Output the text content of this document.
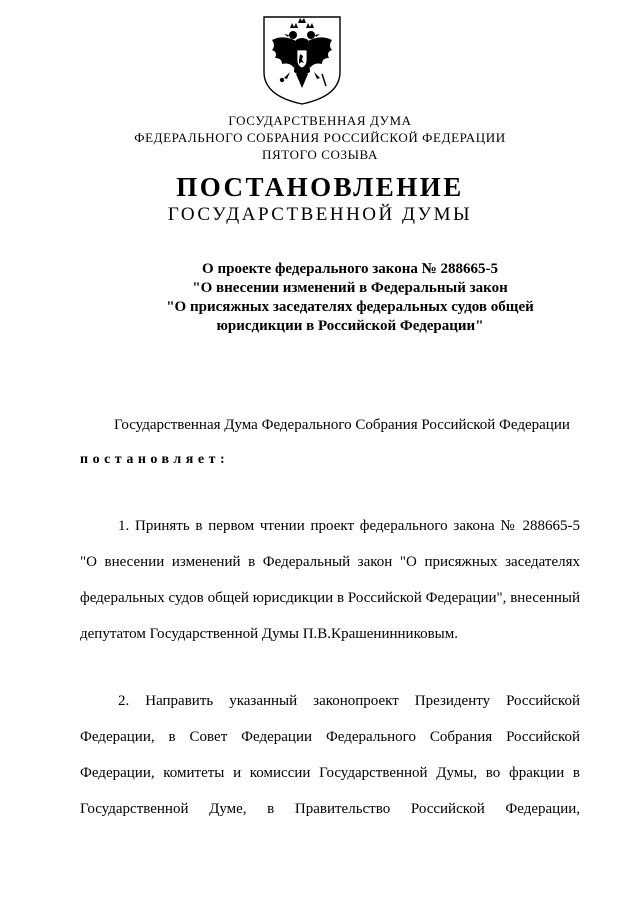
ГОСУДАРСТВЕННАЯ ДУМА
ФЕДЕРАЛЬНОГО СОБРАНИЯ РОССИЙСКОЙ ФЕДЕРАЦИИ
ПЯТОГО СОЗЫВА
ПОСТАНОВЛЕНИЕ
ГОСУДАРСТВЕННОЙ ДУМЫ
О проекте федерального закона № 288665-5
"О внесении изменений в Федеральный закон
"О присяжных заседателях федеральных судов общей
юрисдикции в Российской Федерации"
Государственная Дума Федерального Собрания Российской Федерации
постановляет:
1. Принять в первом чтении проект федерального закона № 288665-5 "О внесении изменений в Федеральный закон "О присяжных заседателях федеральных судов общей юрисдикции в Российской Федерации", внесенный депутатом Государственной Думы П.В.Крашенинниковым.
2. Направить указанный законопроект Президенту Российской Федерации, в Совет Федерации Федерального Собрания Российской Федерации, комитеты и комиссии Государственной Думы, во фракции в Государственной Думе, в Правительство Российской Федерации,
